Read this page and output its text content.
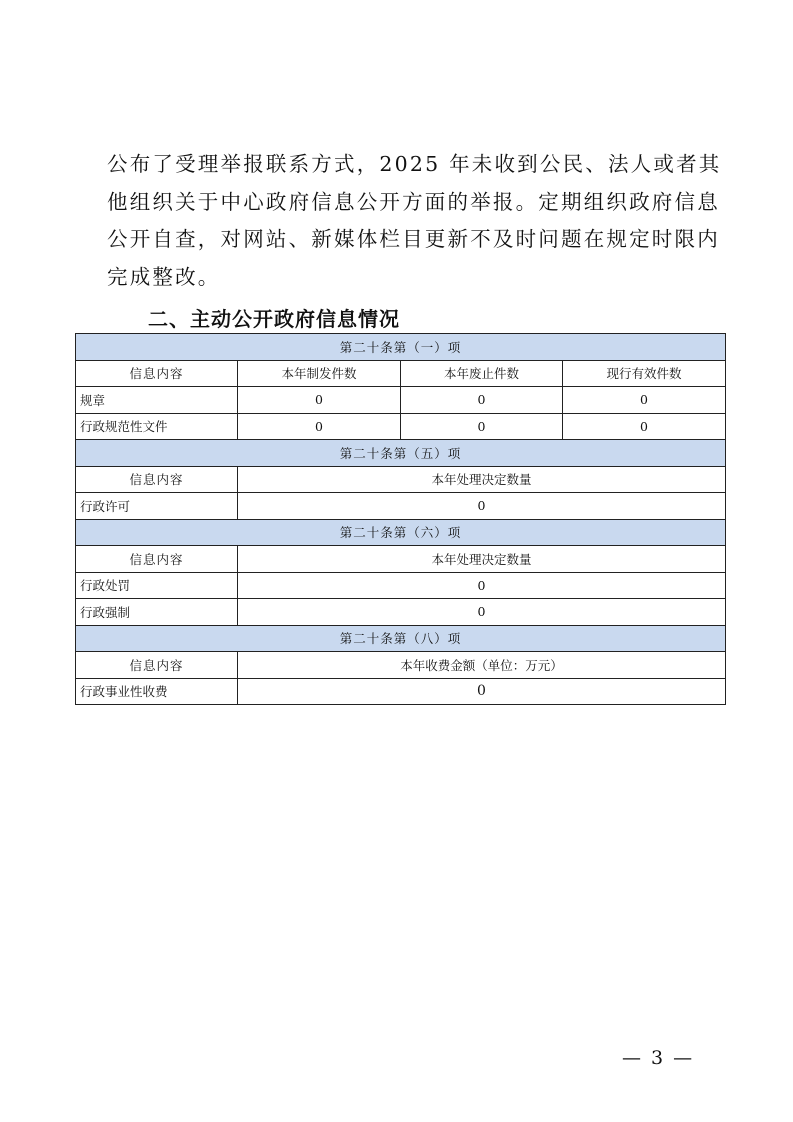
公布了受理举报联系方式，2025 年未收到公民、法人或者其
他组织关于中心政府信息公开方面的举报。定期组织政府信息
公开自查，对网站、新媒体栏目更新不及时问题在规定时限内
完成整改。
二、主动公开政府信息情况
第二十条第（一）项			
信息内容	本年制发件数	本年废止件数	现行有效件数
规章	0	0	0
行政规范性文件	0	0	0
第二十条第（五）项			
信息内容	本年处理决定数量		
行政许可	0		
第二十条第（六）项			
信息内容	本年处理决定数量		
行政处罚	0		
行政强制	0		
第二十条第（八）项			
信息内容	本年收费金额（单位：万元）		
行政事业性收费	0		
— 3 —
